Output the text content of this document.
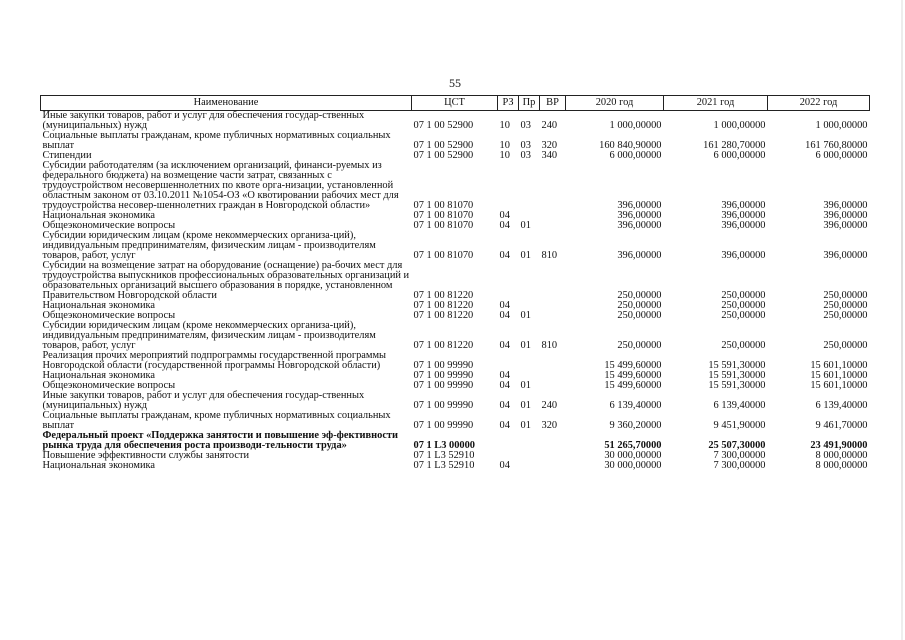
55
Наименование	ЦСТ	РЗ	Пр	ВР	2020 год	2021 год	2022 год
Иные закупки товаров, работ и услуг для обеспечения государ-ственных (муниципальных) нужд	07 1 00 52900	10	03	240	1 000,00000	1 000,00000	1 000,00000
Социальные выплаты гражданам, кроме публичных нормативных социальных выплат	07 1 00 52900	10	03	320	160 840,90000	161 280,70000	161 760,80000
Стипендии	07 1 00 52900	10	03	340	6 000,00000	6 000,00000	6 000,00000
Субсидии работодателям (за исключением организаций, финанси-руемых из федерального бюджета) на возмещение части затрат, связанных с трудоустройством несовершеннолетних по квоте орга-низации, установленной областным законом от 03.10.2011 №1054-ОЗ «О квотировании рабочих мест для трудоустройства несовер-шеннолетних граждан в Новгородской области»	07 1 00 81070				396,00000	396,00000	396,00000
Национальная экономика	07 1 00 81070	04			396,00000	396,00000	396,00000
Общеэкономические вопросы	07 1 00 81070	04	01		396,00000	396,00000	396,00000
Субсидии юридическим лицам (кроме некоммерческих организа-ций), индивидуальным предпринимателям, физическим лицам - производителям товаров, работ, услуг	07 1 00 81070	04	01	810	396,00000	396,00000	396,00000
Субсидии на возмещение затрат на оборудование (оснащение) ра-бочих мест для трудоустройства выпускников профессиональных образовательных организаций и образовательных организаций высшего образования в порядке, установленном Правительством Новгородской области	07 1 00 81220				250,00000	250,00000	250,00000
Национальная экономика	07 1 00 81220	04			250,00000	250,00000	250,00000
Общеэкономические вопросы	07 1 00 81220	04	01		250,00000	250,00000	250,00000
Субсидии юридическим лицам (кроме некоммерческих организа-ций), индивидуальным предпринимателям, физическим лицам - производителям товаров, работ, услуг	07 1 00 81220	04	01	810	250,00000	250,00000	250,00000
Реализация прочих мероприятий подпрограммы государственной программы Новгородской области (государственной программы Новгородской области)	07 1 00 99990				15 499,60000	15 591,30000	15 601,10000
Национальная экономика	07 1 00 99990	04			15 499,60000	15 591,30000	15 601,10000
Общеэкономические вопросы	07 1 00 99990	04	01		15 499,60000	15 591,30000	15 601,10000
Иные закупки товаров, работ и услуг для обеспечения государ-ственных (муниципальных) нужд	07 1 00 99990	04	01	240	6 139,40000	6 139,40000	6 139,40000
Социальные выплаты гражданам, кроме публичных нормативных социальных выплат	07 1 00 99990	04	01	320	9 360,20000	9 451,90000	9 461,70000
Федеральный проект «Поддержка занятости и повышение эф-фективности рынка труда для обеспечения роста производи-тельности труда»	07 1 L3 00000				51 265,70000	25 507,30000	23 491,90000
Повышение эффективности службы занятости	07 1 L3 52910				30 000,00000	7 300,00000	8 000,00000
Национальная экономика	07 1 L3 52910	04			30 000,00000	7 300,00000	8 000,00000
